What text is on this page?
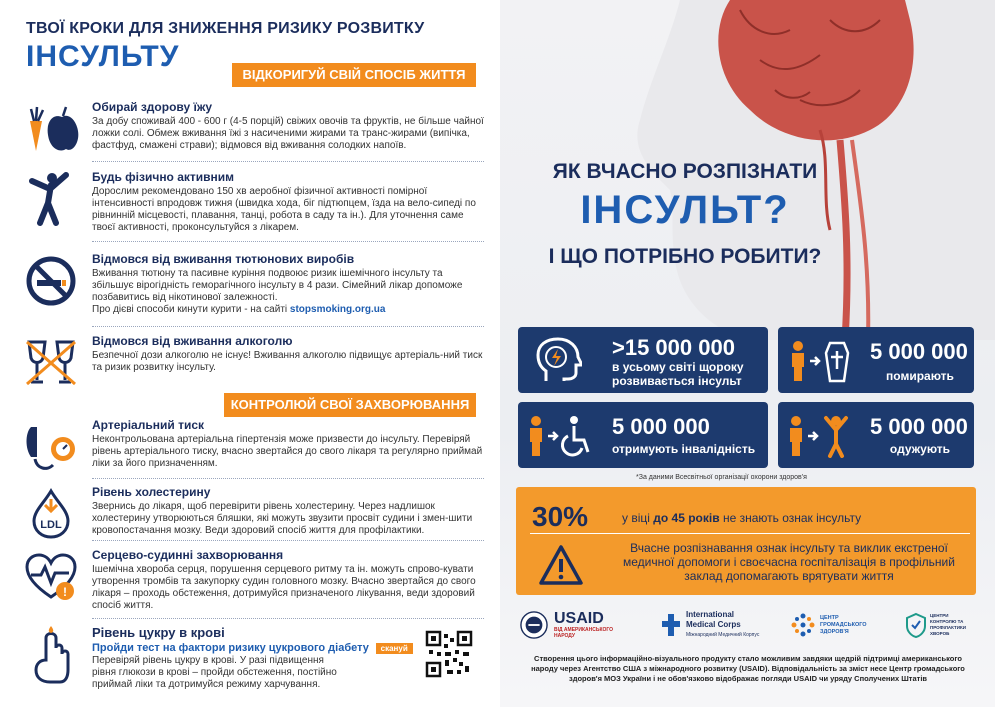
ТВОЇ КРОКИ ДЛЯ ЗНИЖЕННЯ РИЗИКУ РОЗВИТКУ
ІНСУЛЬТУ
ВІДКОРИГУЙ СВІЙ СПОСІБ ЖИТТЯ
Обирай здорову їжу
За добу споживай 400 - 600 г (4-5 порцій) свіжих овочів та фруктів, не більше чайної ложки солі. Обмеж вживання їжі з насиченими жирами та транс-жирами (випічка, фастфуд, смажені страви); відмовся від вживання солодких напоїв.
Будь фізично активним
Дорослим рекомендовано 150 хв аеробної фізичної активності помірної інтенсивності впродовж тижня (швидка хода, біг підтюпцем, їзда на вело-сипеді по рівнинній місцевості, плавання, танці, робота в саду та ін.). Для уточнення саме твоєї активності, проконсультуйся з лікарем.
Відмовся від вживання тютюнових виробів
Вживання тютюну та пасивне куріння подвоює ризик ішемічного інсульту та збільшує вірогідність геморагічного інсульту в 4 рази. Сімейний лікар допоможе позбавитись від нікотинової залежності.
Про дієві способи кинути курити - на сайті stopsmoking.org.ua
Відмовся від вживання алкоголю
Безпечної дози алкоголю не існує! Вживання алкоголю підвищує артеріаль-ний тиск та ризик розвитку інсульту.
КОНТРОЛЮЙ СВОЇ ЗАХВОРЮВАННЯ
Артеріальний тиск
Неконтрольована артеріальна гіпертензія може призвести до інсульту. Перевіряй рівень артеріального тиску, вчасно звертайся до свого лікаря та регулярно приймай ліки за його призначенням.
LDL
Рівень холестерину
Звернись до лікаря, щоб перевірити рівень холестерину. Через надлишок холестерину утворюються бляшки, які можуть звузити просвіт судини і змен-шити кровопостачання мозку. Веди здоровий спосіб життя для профілактики.
!
Серцево-судинні захворювання
Ішемічна хвороба серця, порушення серцевого ритму та ін. можуть спрово-кувати утворення тромбів та закупорку судин головного мозку. Вчасно звертайся до свого лікаря – проходь обстеження, дотримуйся призначеного лікування, веди здоровий спосіб життя.
Рівень цукру в крові
Пройди тест на фактори ризику цукрового діабету скануй

Перевіряй рівень цукру в крові. У разі підвищення рівня глюкози в крові – пройди обстеження, постійно приймай ліки та дотримуйся режиму харчування.
ЯК ВЧАСНО РОЗПІЗНАТИ
ІНСУЛЬТ?
І ЩО ПОТРІБНО РОБИТИ?
>15 000 000
в усьому світі щороку розвивається інсульт
5 000 000
помирають
5 000 000
отримують інвалідність
5 000 000
одужують
*За даними Всесвітньої організації охорони здоров'я
30%	у віці до 45 років не знають ознак інсульту
Вчасне розпізнавання ознак інсульту та виклик екстреної медичної допомоги і своєчасна госпіталізація в профільний заклад допомагають врятувати життя
USAID
ВІД АМЕРИКАНСЬКОГО НАРОДУ
International
Medical Corps
Міжнародний Медичний Корпус
ЦЕНТР ГРОМАДСЬКОГО ЗДОРОВ'Я
ЦЕНТРИ КОНТРОЛЮ ТА ПРОФІЛАКТИКИ ХВОРОБ
Створення цього інформаційно-візуального продукту стало можливим завдяки щедрій підтримці американського народу через Агентство США з міжнародного розвитку (USAID). Відповідальність за зміст несе Центр громадського здоров'я МОЗ України і не обов'язково відображає погляди USAID чи уряду Сполучених Штатів
